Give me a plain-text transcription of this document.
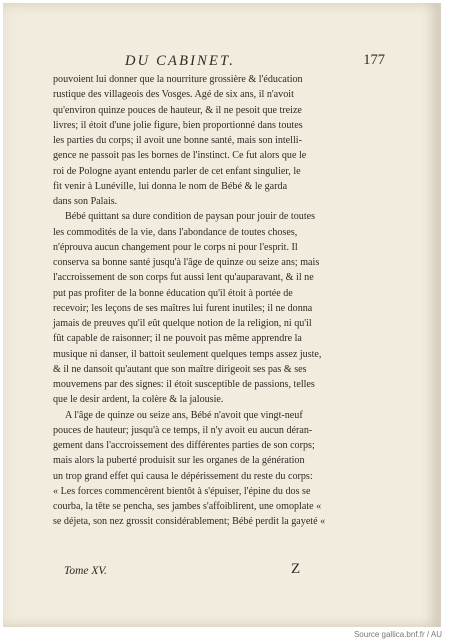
DU CABINET.	177
pouvoient lui donner que la nourriture grossière & l'éducation
rustique des villageois des Vosges. Agé de six ans, il n'avoit
qu'environ quinze pouces de hauteur, & il ne pesoit que treize
livres; il étoit d'une jolie figure, bien proportionné dans toutes
les parties du corps; il avoit une bonne santé, mais son intelli-
gence ne passoit pas les bornes de l'instinct. Ce fut alors que le
roi de Pologne ayant entendu parler de cet enfant singulier, le
fit venir à Lunéville, lui donna le nom de Bébé & le garda
dans son Palais.
Bébé quittant sa dure condition de paysan pour jouir de toutes
les commodités de la vie, dans l'abondance de toutes choses,
n'éprouva aucun changement pour le corps ni pour l'esprit. Il
conserva sa bonne santé jusqu'à l'âge de quinze ou seize ans; mais
l'accroissement de son corps fut aussi lent qu'auparavant, & il ne
put pas profiter de la bonne éducation qu'il étoit à portée de
recevoir; les leçons de ses maîtres lui furent inutiles; il ne donna
jamais de preuves qu'il eût quelque notion de la religion, ni qu'il
fût capable de raisonner; il ne pouvoit pas même apprendre la
musique ni danser, il battoit seulement quelques temps assez juste,
& il ne dansoit qu'autant que son maître dirigeoit ses pas & ses
mouvemens par des signes: il étoit susceptible de passions, telles
que le desir ardent, la colère & la jalousie.
A l'âge de quinze ou seize ans, Bébé n'avoit que vingt-neuf
pouces de hauteur; jusqu'à ce temps, il n'y avoit eu aucun déran-
gement dans l'accroissement des différentes parties de son corps;
mais alors la puberté produisit sur les organes de la génération
un trop grand effet qui causa le dépérissement du reste du corps:
« Les forces commencèrent bientôt à s'épuiser, l'épine du dos se
courba, la tête se pencha, ses jambes s'affoiblirent, une omoplate «
se déjeta, son nez grossit considérablement; Bébé perdit la gayeté «
Tome XV.	Z
Source gallica.bnf.fr / AU
